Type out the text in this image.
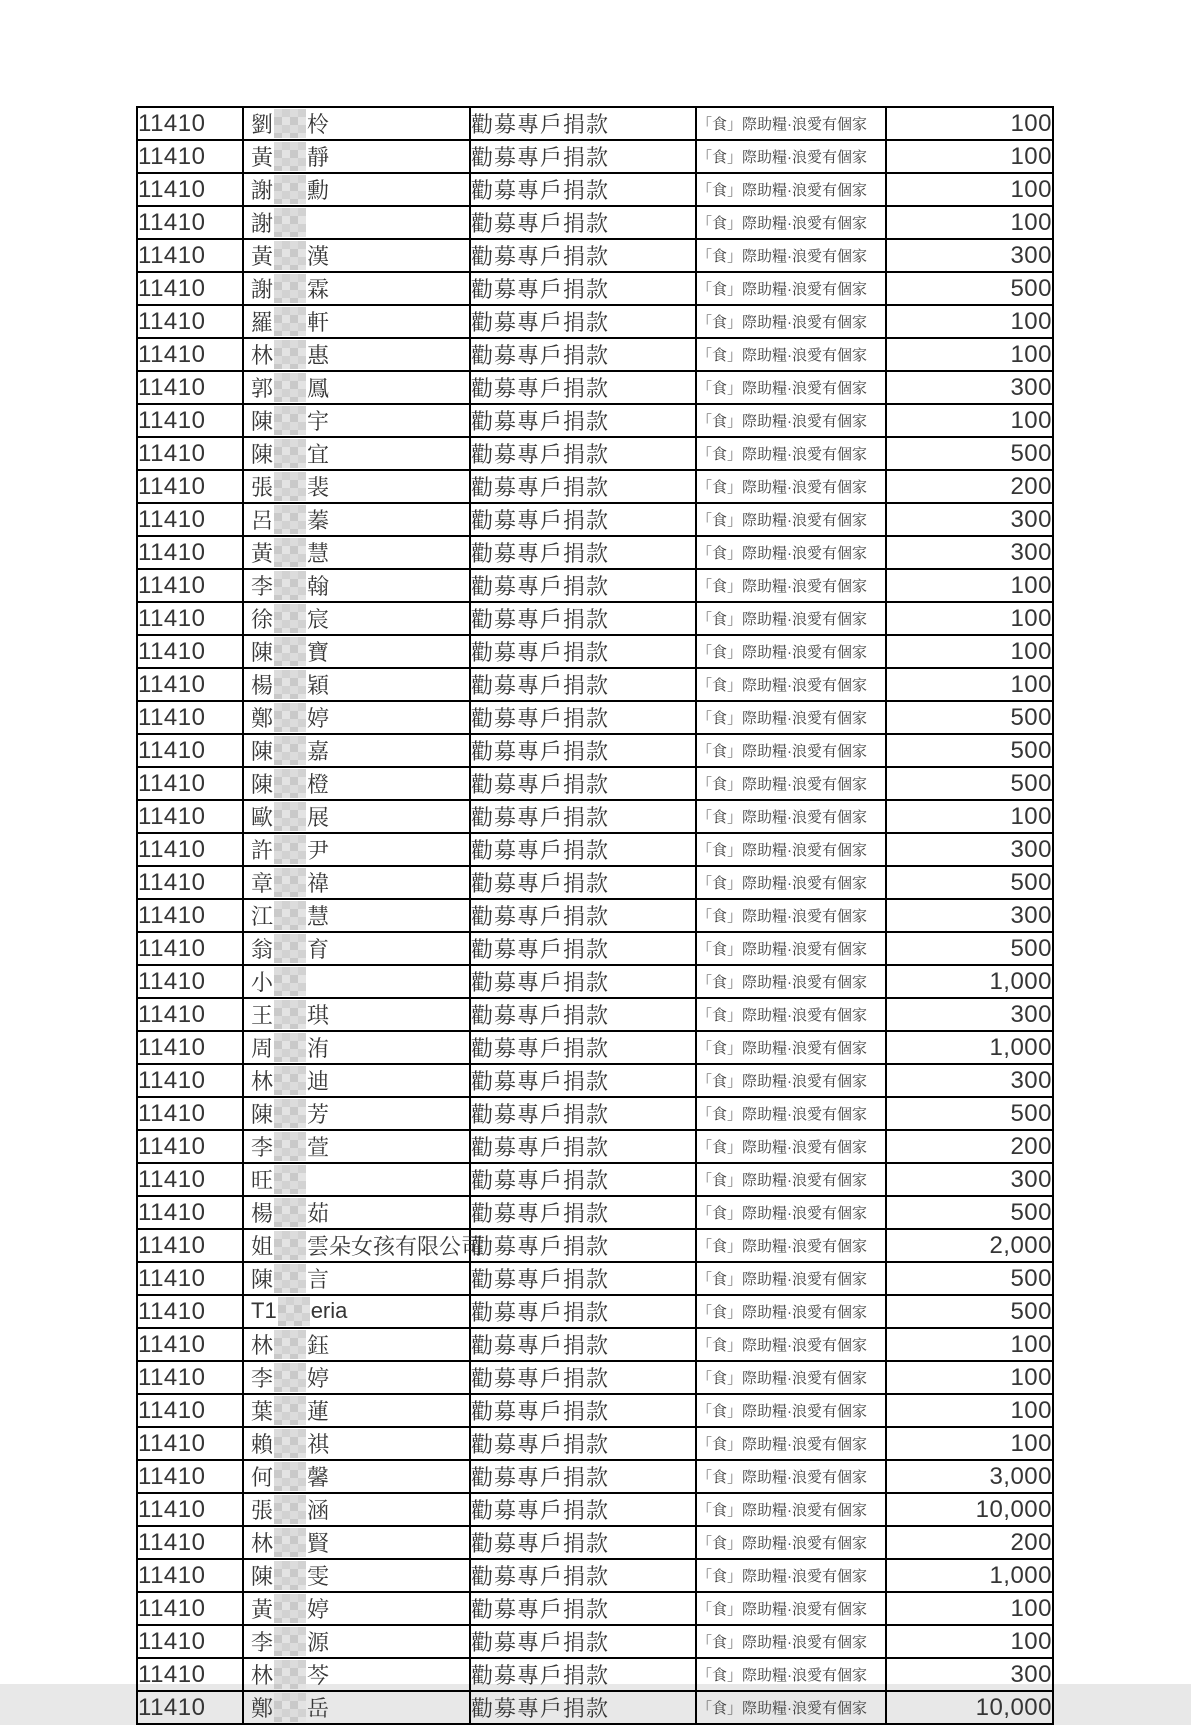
11410	劉 柃	勸募專戶捐款	「食」際助糧·浪愛有個家	100
11410	黃 靜	勸募專戶捐款	「食」際助糧·浪愛有個家	100
11410	謝 勳	勸募專戶捐款	「食」際助糧·浪愛有個家	100
11410	謝	勸募專戶捐款	「食」際助糧·浪愛有個家	100
11410	黃 漢	勸募專戶捐款	「食」際助糧·浪愛有個家	300
11410	謝 霖	勸募專戶捐款	「食」際助糧·浪愛有個家	500
11410	羅 軒	勸募專戶捐款	「食」際助糧·浪愛有個家	100
11410	林 惠	勸募專戶捐款	「食」際助糧·浪愛有個家	100
11410	郭 鳳	勸募專戶捐款	「食」際助糧·浪愛有個家	300
11410	陳 宇	勸募專戶捐款	「食」際助糧·浪愛有個家	100
11410	陳 宜	勸募專戶捐款	「食」際助糧·浪愛有個家	500
11410	張 裴	勸募專戶捐款	「食」際助糧·浪愛有個家	200
11410	呂 蓁	勸募專戶捐款	「食」際助糧·浪愛有個家	300
11410	黃 慧	勸募專戶捐款	「食」際助糧·浪愛有個家	300
11410	李 翰	勸募專戶捐款	「食」際助糧·浪愛有個家	100
11410	徐 宸	勸募專戶捐款	「食」際助糧·浪愛有個家	100
11410	陳 寶	勸募專戶捐款	「食」際助糧·浪愛有個家	100
11410	楊 穎	勸募專戶捐款	「食」際助糧·浪愛有個家	100
11410	鄭 婷	勸募專戶捐款	「食」際助糧·浪愛有個家	500
11410	陳 嘉	勸募專戶捐款	「食」際助糧·浪愛有個家	500
11410	陳 橙	勸募專戶捐款	「食」際助糧·浪愛有個家	500
11410	歐 展	勸募專戶捐款	「食」際助糧·浪愛有個家	100
11410	許 尹	勸募專戶捐款	「食」際助糧·浪愛有個家	300
11410	章 禕	勸募專戶捐款	「食」際助糧·浪愛有個家	500
11410	江 慧	勸募專戶捐款	「食」際助糧·浪愛有個家	300
11410	翁 育	勸募專戶捐款	「食」際助糧·浪愛有個家	500
11410	小	勸募專戶捐款	「食」際助糧·浪愛有個家	1,000
11410	王 琪	勸募專戶捐款	「食」際助糧·浪愛有個家	300
11410	周 洧	勸募專戶捐款	「食」際助糧·浪愛有個家	1,000
11410	林 迪	勸募專戶捐款	「食」際助糧·浪愛有個家	300
11410	陳 芳	勸募專戶捐款	「食」際助糧·浪愛有個家	500
11410	李 萱	勸募專戶捐款	「食」際助糧·浪愛有個家	200
11410	旺	勸募專戶捐款	「食」際助糧·浪愛有個家	300
11410	楊 茹	勸募專戶捐款	「食」際助糧·浪愛有個家	500
11410	姐 雲朵女孩有限公司	勸募專戶捐款	「食」際助糧·浪愛有個家	2,000
11410	陳 言	勸募專戶捐款	「食」際助糧·浪愛有個家	500
11410	T1 eria	勸募專戶捐款	「食」際助糧·浪愛有個家	500
11410	林 鈺	勸募專戶捐款	「食」際助糧·浪愛有個家	100
11410	李 婷	勸募專戶捐款	「食」際助糧·浪愛有個家	100
11410	葉 蓮	勸募專戶捐款	「食」際助糧·浪愛有個家	100
11410	賴 祺	勸募專戶捐款	「食」際助糧·浪愛有個家	100
11410	何 馨	勸募專戶捐款	「食」際助糧·浪愛有個家	3,000
11410	張 涵	勸募專戶捐款	「食」際助糧·浪愛有個家	10,000
11410	林 賢	勸募專戶捐款	「食」際助糧·浪愛有個家	200
11410	陳 雯	勸募專戶捐款	「食」際助糧·浪愛有個家	1,000
11410	黃 婷	勸募專戶捐款	「食」際助糧·浪愛有個家	100
11410	李 源	勸募專戶捐款	「食」際助糧·浪愛有個家	100
11410	林 芩	勸募專戶捐款	「食」際助糧·浪愛有個家	300
11410	鄭 岳	勸募專戶捐款	「食」際助糧·浪愛有個家	10,000
